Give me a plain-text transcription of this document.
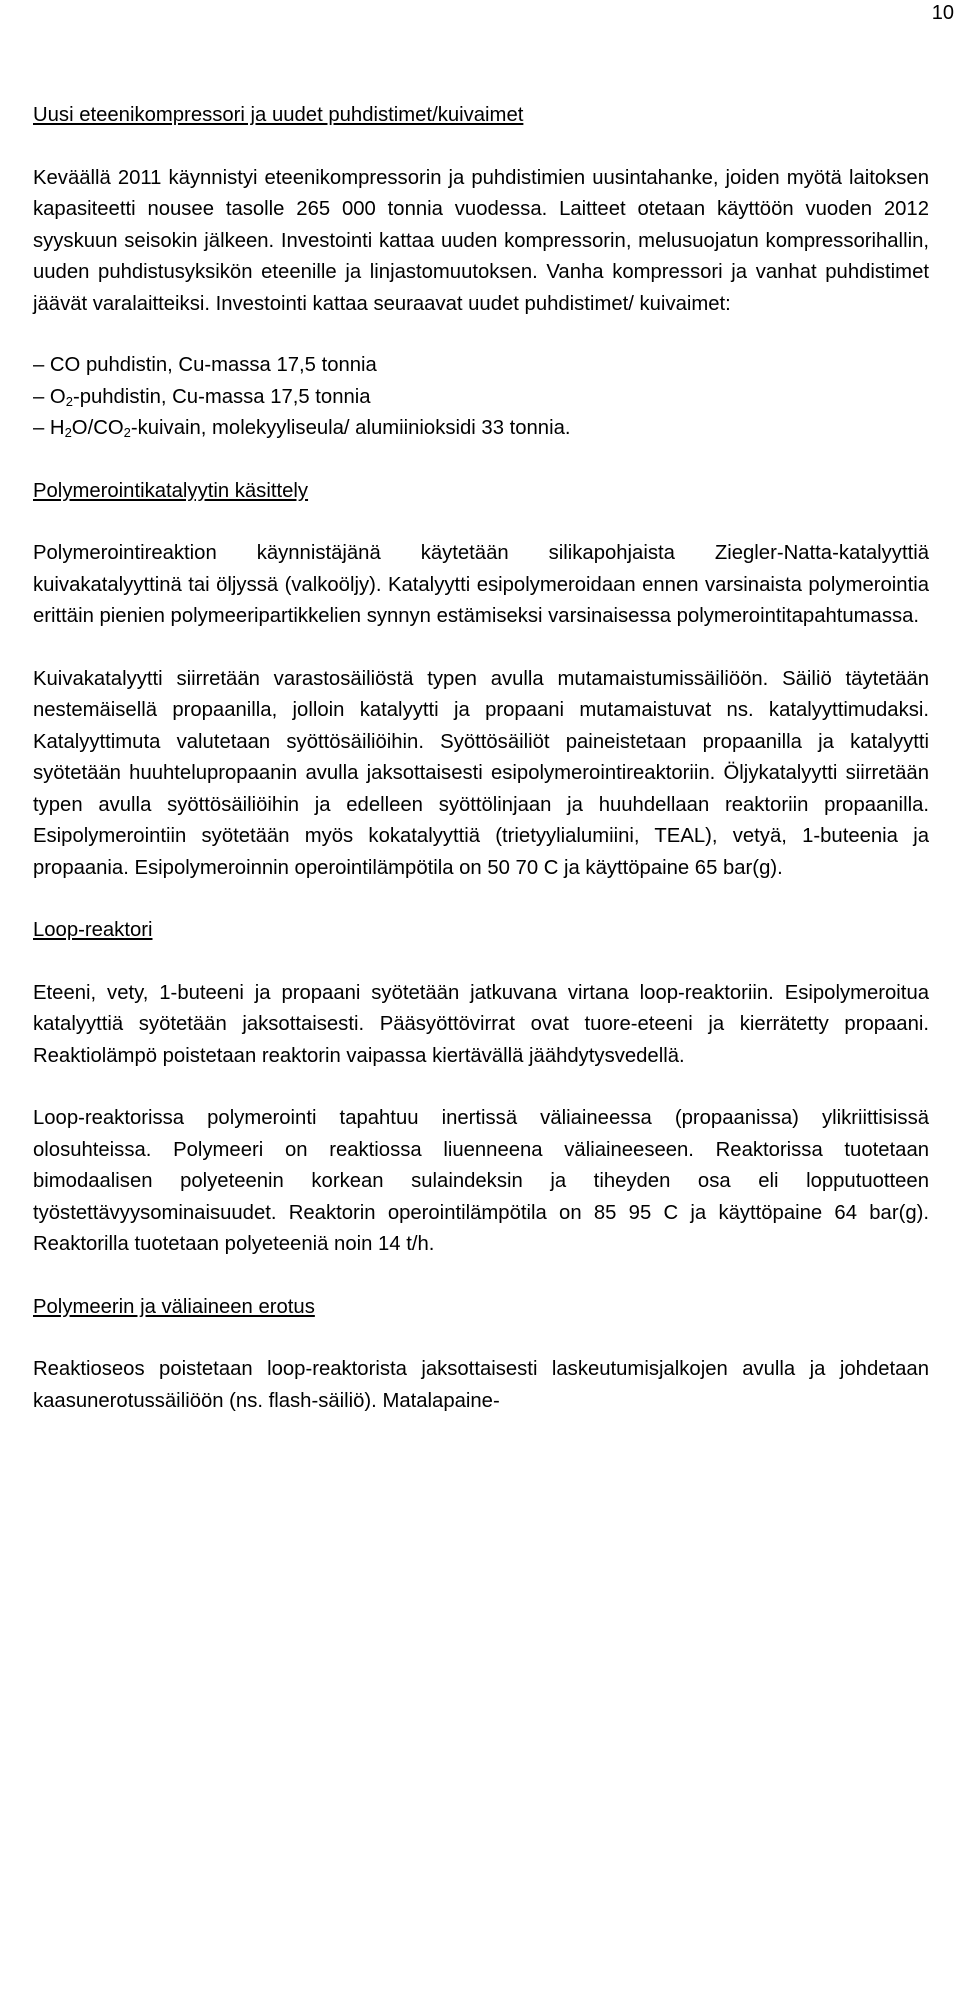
10

Uusi eteenikompressori ja uudet puhdistimet/kuivaimet

Keväällä 2011 käynnistyi eteenikompressorin ja puhdistimien uusintahanke, joiden myötä laitoksen kapasiteetti nousee tasolle 265 000 tonnia vuodessa. Laitteet otetaan käyttöön vuoden 2012 syyskuun seisokin jälkeen. Investointi kattaa uuden kompressorin, melusuojatun kompressorihallin, uuden puhdistusyksikön eteenille ja linjastomuutoksen. Vanha kompressori ja vanhat puhdistimet jäävät varalaitteiksi. Investointi kattaa seuraavat uudet puhdistimet/ kuivaimet:

– CO puhdistin, Cu-massa 17,5 tonnia
– $O_2$-puhdistin, Cu-massa 17,5 tonnia
– $H_2O/CO_2$-kuivain, molekyyliseula/ alumiinioksidi 33 tonnia.

Polymerointikatalyytin käsittely

Polymerointireaktion käynnistäjänä käytetään silikapohjaista Ziegler-Natta-katalyyttiä kuivakatalyyttinä tai öljyssä (valkoöljy). Katalyytti esipolymeroidaan ennen varsinaista polymerointia erittäin pienien polymeeripartikkelien synnyn estämiseksi varsinaisessa polymerointitapahtumassa.

Kuivakatalyytti siirretään varastosäiliöstä typen avulla mutamaistumissäiliöön. Säiliö täytetään nestemäisellä propaanilla, jolloin katalyytti ja propaani mutamaistuvat ns. katalyyttimudaksi. Katalyyttimuta valutetaan syöttösäiliöihin. Syöttösäiliöt paineistetaan propaanilla ja katalyytti syötetään huuhtelupropaanin avulla jaksottaisesti esipolymerointireaktoriin. Öljykatalyytti siirretään typen avulla syöttösäiliöihin ja edelleen syöttölinjaan ja huuhdellaan reaktoriin propaanilla. Esipolymerointiin syötetään myös kokatalyyttiä (trietyylialumiini, TEAL), vetyä, 1-buteenia ja propaania. Esipolymeroinnin operointilämpötila on 50 70 C ja käyttöpaine 65 bar(g).

Loop-reaktori

Eteeni, vety, 1-buteeni ja propaani syötetään jatkuvana virtana loop-reaktoriin. Esipolymeroitua katalyyttiä syötetään jaksottaisesti. Pääsyöttövirrat ovat tuore-eteeni ja kierrätetty propaani. Reaktiolämpö poistetaan reaktorin vaipassa kiertävällä jäähdytysvedellä.

Loop-reaktorissa polymerointi tapahtuu inertissä väliaineessa (propaanissa) ylikriittisissä olosuhteissa. Polymeeri on reaktiossa liuenneena väliaineeseen. Reaktorissa tuotetaan bimodaalisen polyeteenin korkean sulaindeksin ja tiheyden osa eli lopputuotteen työstettävyysominaisuudet. Reaktorin operointilämpötila on 85 95 C ja käyttöpaine 64 bar(g). Reaktorilla tuotetaan polyeteeniä noin 14 t/h.

Polymeerin ja väliaineen erotus

Reaktioseos poistetaan loop-reaktorista jaksottaisesti laskeutumisjalkojen avulla ja johdetaan kaasunerotussäiliöön (ns. flash-säiliö). Matalapaine-
